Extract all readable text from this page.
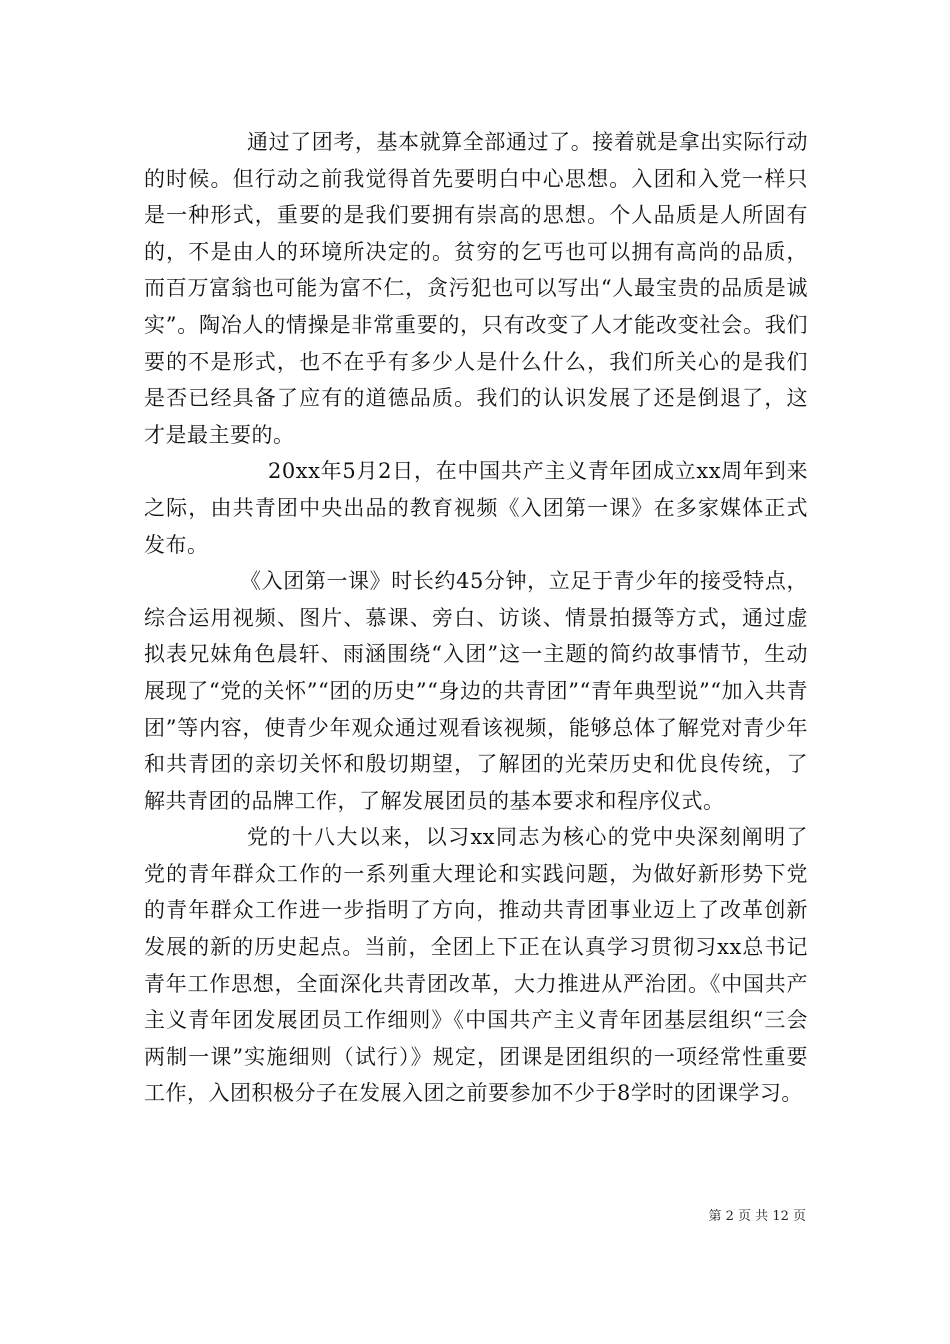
通过了团考，基本就算全部通过了。接着就是拿出实际行动的时候。但行动之前我觉得首先要明白中心思想。入团和入党一样只是一种形式，重要的是我们要拥有崇高的思想。个人品质是人所固有的，不是由人的环境所决定的。贫穷的乞丐也可以拥有高尚的品质，而百万富翁也可能为富不仁，贪污犯也可以写出“人最宝贵的品质是诚实”。陶冶人的情操是非常重要的，只有改变了人才能改变社会。我们要的不是形式，也不在乎有多少人是什么什么，我们所关心的是我们是否已经具备了应有的道德品质。我们的认识发展了还是倒退了，这才是最主要的。

20xx年5月2日，在中国共产主义青年团成立xx周年到来之际，由共青团中央出品的教育视频《入团第一课》在多家媒体正式发布。

《入团第一课》时长约45分钟，立足于青少年的接受特点，综合运用视频、图片、慕课、旁白、访谈、情景拍摄等方式，通过虚拟表兄妹角色晨轩、雨涵围绕“入团”这一主题的简约故事情节，生动展现了“党的关怀”“团的历史”“身边的共青团”“青年典型说”“加入共青团”等内容，使青少年观众通过观看该视频，能够总体了解党对青少年和共青团的亲切关怀和殷切期望，了解团的光荣历史和优良传统，了解共青团的品牌工作，了解发展团员的基本要求和程序仪式。

党的十八大以来，以习xx同志为核心的党中央深刻阐明了党的青年群众工作的一系列重大理论和实践问题，为做好新形势下党的青年群众工作进一步指明了方向，推动共青团事业迈上了改革创新发展的新的历史起点。当前，全团上下正在认真学习贯彻习xx总书记青年工作思想，全面深化共青团改革，大力推进从严治团。《中国共产主义青年团发展团员工作细则》《中国共产主义青年团基层组织“三会两制一课”实施细则（试行）》规定，团课是团组织的一项经常性重要工作，入团积极分子在发展入团之前要参加不少于8学时的团课学习。

第 2 页 共 12 页
